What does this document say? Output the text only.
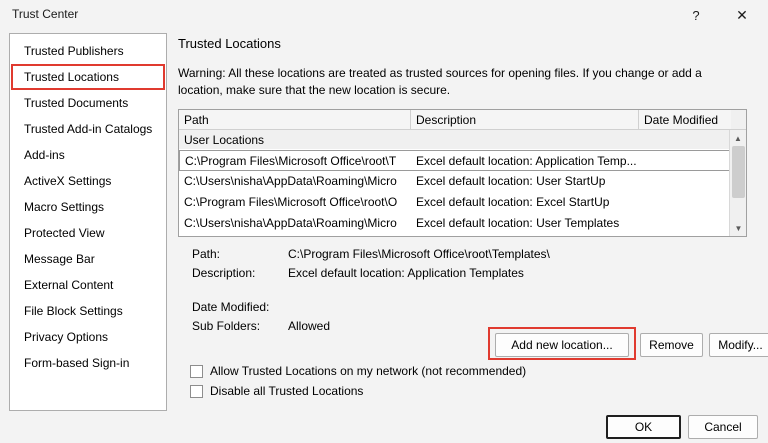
Trust Center	?	✕
Trusted Publishers
Trusted Locations
Trusted Documents
Trusted Add-in Catalogs
Add-ins
ActiveX Settings
Macro Settings
Protected View
Message Bar
External Content
File Block Settings
Privacy Options
Form-based Sign-in
Trusted Locations
Warning: All these locations are treated as trusted sources for opening files. If you change or add a location, make sure that the new location is secure.
Path	Description	Date Modified
User Locations
C:\Program Files\Microsoft Office\root\T	Excel default location: Application Temp...
C:\Users\nisha\AppData\Roaming\Micro	Excel default location: User StartUp
C:\Program Files\Microsoft Office\root\O	Excel default location: Excel StartUp
C:\Users\nisha\AppData\Roaming\Micro	Excel default location: User Templates
▲
▼
Path:	C:\Program Files\Microsoft Office\root\Templates\
Description:	Excel default location: Application Templates
Date Modified:
Sub Folders: Allowed
Add new location...	Remove	Modify...
Allow Trusted Locations on my network (not recommended)
Disable all Trusted Locations
OK	Cancel
